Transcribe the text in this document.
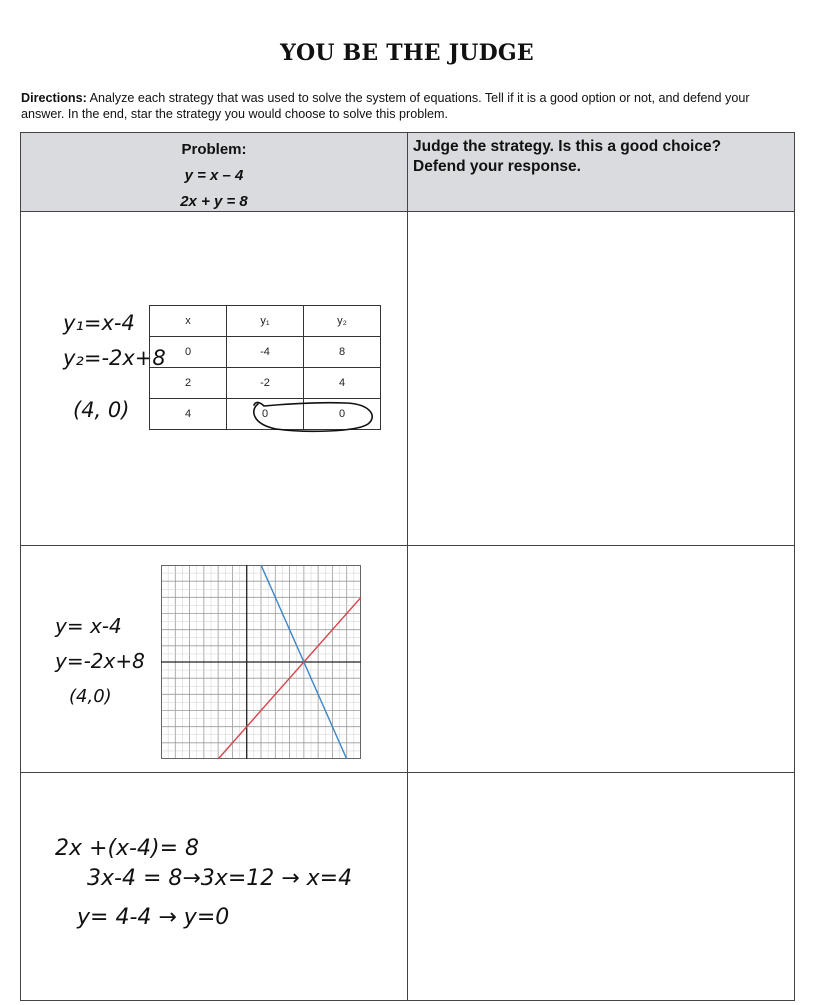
YOU BE THE JUDGE
Directions: Analyze each strategy that was used to solve the system of equations. Tell if it is a good option or not, and defend your answer. In the end, star the strategy you would choose to solve this problem.
Problem:
y = x – 4
2x + y = 8
Judge the strategy. Is this a good choice?
Defend your response.
y₁=x-4
y₂=-2x+8
(4, 0)
x	y₁	y₂
0	-4	8
2	-2	4
4	0	0
y= x-4
y=-2x+8
(4,0)
2x +(x-4)= 8
3x-4 = 8→3x=12 → x=4
y= 4-4 → y=0
